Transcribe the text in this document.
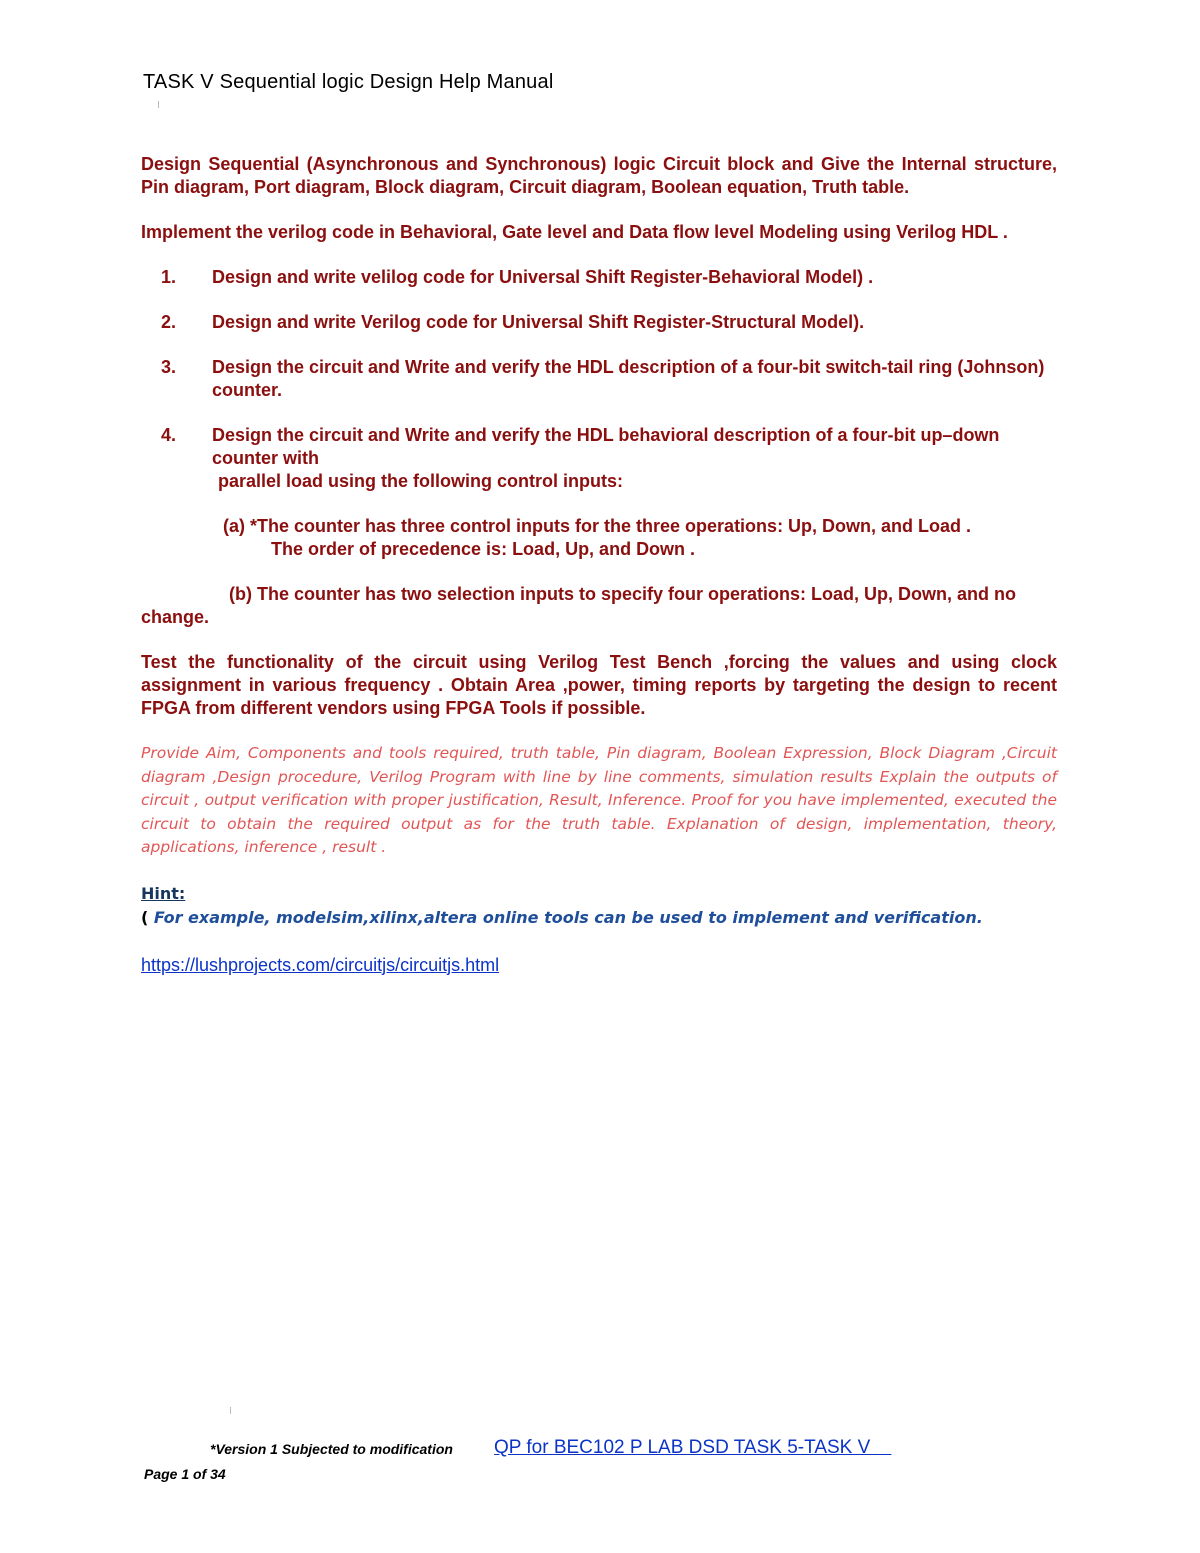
TASK V Sequential logic Design Help Manual

Design Sequential (Asynchronous and Synchronous) logic Circuit block and Give the Internal structure, Pin diagram, Port diagram, Block diagram, Circuit diagram, Boolean equation, Truth table.

Implement the verilog code in Behavioral, Gate level and Data flow level Modeling using Verilog HDL .

1. Design and write velilog code for Universal Shift Register-Behavioral Model) .
2. Design and write Verilog code for Universal Shift Register-Structural Model).
3. Design the circuit and Write and verify the HDL description of a four-bit switch-tail ring (Johnson) counter.
4. Design the circuit and Write and verify the HDL behavioral description of a four-bit up–down counter with
parallel load using the following control inputs:

(a) *The counter has three control inputs for the three operations: Up, Down, and Load .
The order of precedence is: Load, Up, and Down .

(b) The counter has two selection inputs to specify four operations: Load, Up, Down, and no change.

Test the functionality of the circuit using Verilog Test Bench ,forcing the values and using clock assignment in various frequency . Obtain Area ,power, timing reports by targeting the design to recent FPGA from different vendors using FPGA Tools if possible.

Provide Aim, Components and tools required, truth table, Pin diagram, Boolean Expression, Block Diagram ,Circuit diagram ,Design procedure, Verilog Program with line by line comments, simulation results Explain the outputs of circuit , output verification with proper justification, Result, Inference. Proof for you have implemented, executed the circuit to obtain the required output as for the truth table. Explanation of design, implementation, theory, applications, inference , result .

Hint:

( For example, modelsim,xilinx,altera online tools can be used to implement and verification.

https://lushprojects.com/circuitjs/circuitjs.html

*Version 1 Subjected to modification QP for BEC102 P LAB DSD TASK 5-TASK V
Page 1 of 34
